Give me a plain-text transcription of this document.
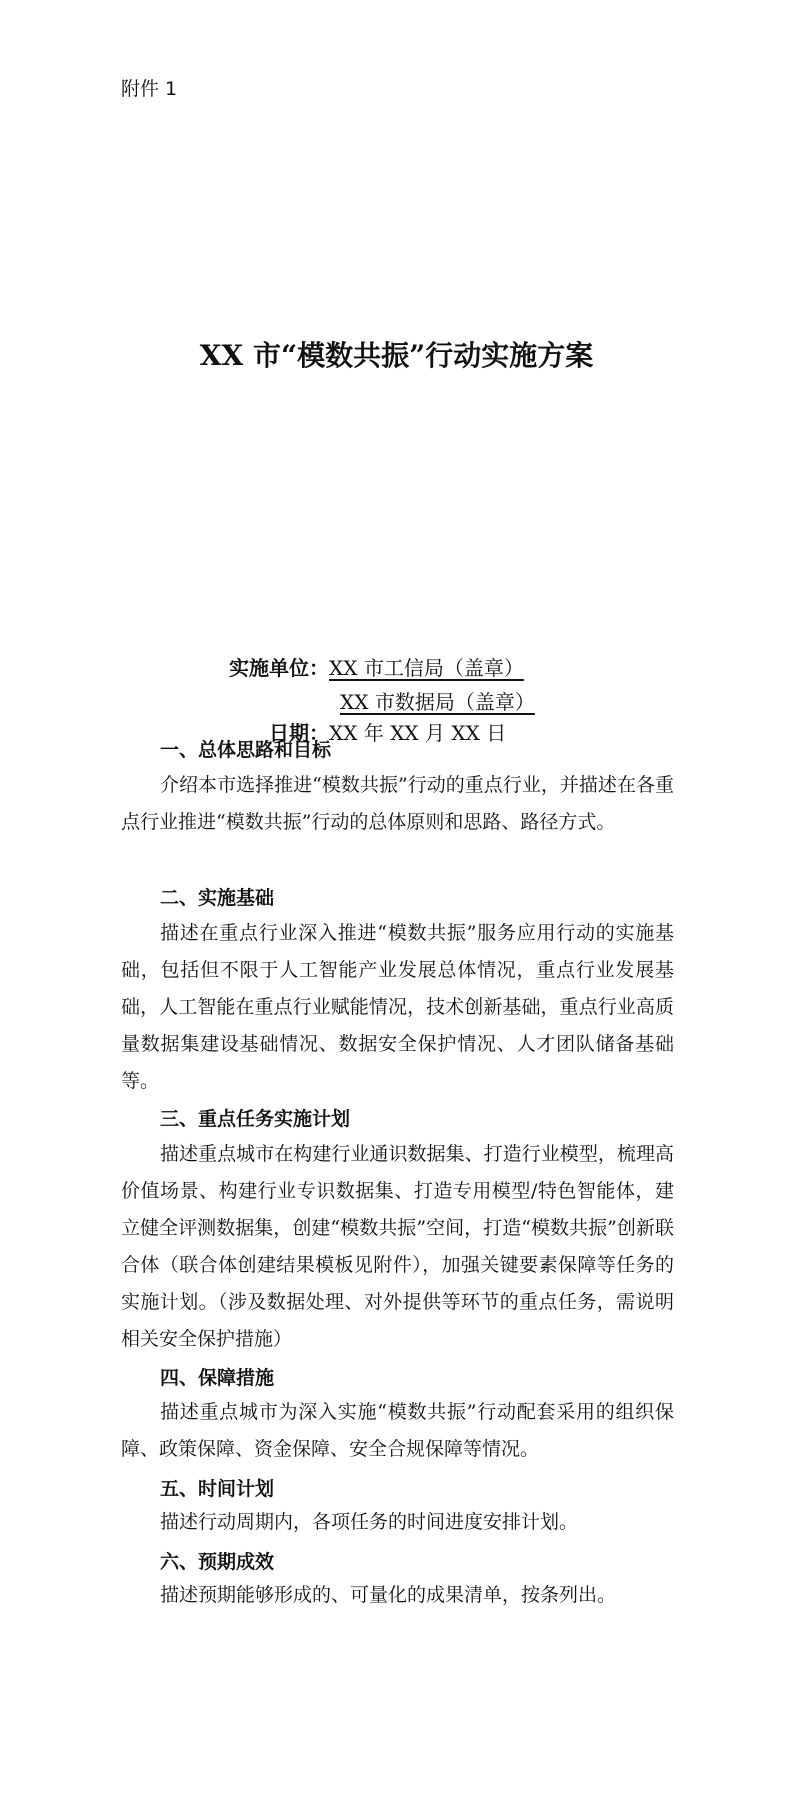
附件 1
XX 市“模数共振”行动实施方案
实施单位：XX 市工信局（盖章）
XX 市数据局（盖章）
日期：XX 年 XX 月 XX 日
一、总体思路和目标

介绍本市选择推进“模数共振”行动的重点行业，并描述在各重点行业推进“模数共振”行动的总体原则和思路、路径方式。

二、实施基础

描述在重点行业深入推进“模数共振”服务应用行动的实施基础，包括但不限于人工智能产业发展总体情况，重点行业发展基础，人工智能在重点行业赋能情况，技术创新基础，重点行业高质量数据集建设基础情况、数据安全保护情况、人才团队储备基础等。

三、重点任务实施计划

描述重点城市在构建行业通识数据集、打造行业模型，梳理高价值场景、构建行业专识数据集、打造专用模型/特色智能体，建立健全评测数据集，创建“模数共振”空间，打造“模数共振”创新联合体（联合体创建结果模板见附件），加强关键要素保障等任务的实施计划。（涉及数据处理、对外提供等环节的重点任务，需说明相关安全保护措施）

四、保障措施

描述重点城市为深入实施“模数共振”行动配套采用的组织保障、政策保障、资金保障、安全合规保障等情况。

五、时间计划

描述行动周期内，各项任务的时间进度安排计划。

六、预期成效

描述预期能够形成的、可量化的成果清单，按条列出。
